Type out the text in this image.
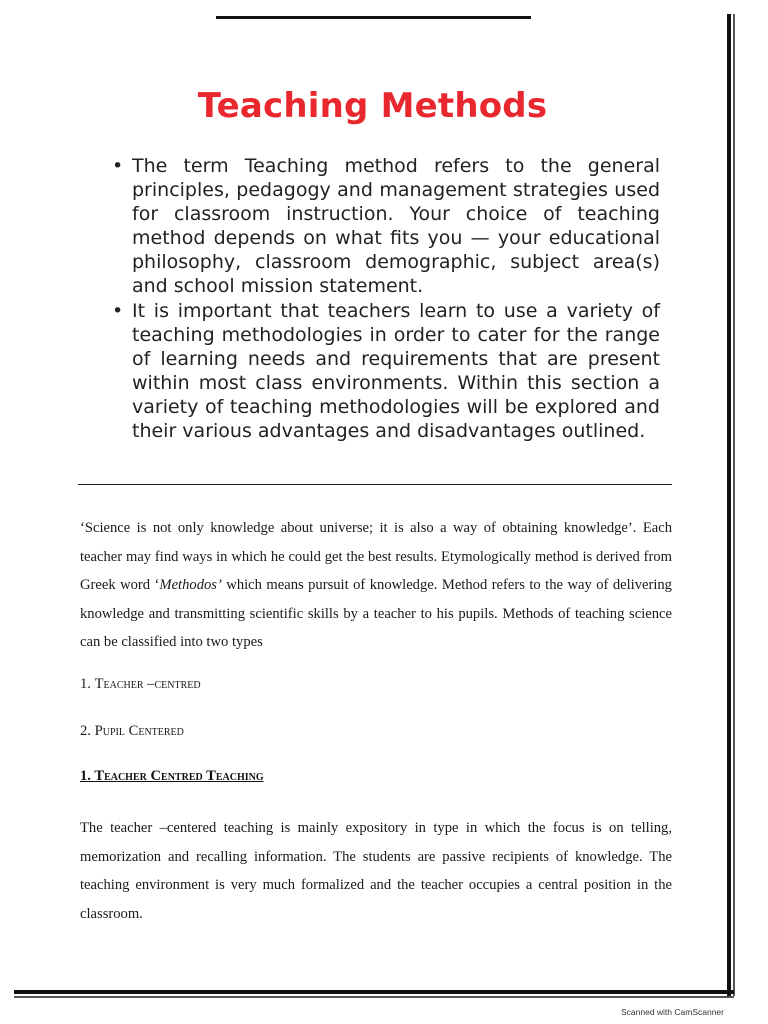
Teaching Methods
• The term Teaching method refers to the general principles, pedagogy and management strategies used for classroom instruction. Your choice of teaching method depends on what fits you — your educational philosophy, classroom demographic, subject area(s) and school mission statement.
• It is important that teachers learn to use a variety of teaching methodologies in order to cater for the range of learning needs and requirements that are present within most class environments. Within this section a variety of teaching methodologies will be explored and their various advantages and disadvantages outlined.

‘Science is not only knowledge about universe; it is also a way of obtaining knowledge’. Each teacher may find ways in which he could get the best results. Etymologically method is derived from Greek word ‘Methodos’ which means pursuit of knowledge. Method refers to the way of delivering knowledge and transmitting scientific skills by a teacher to his pupils. Methods of teaching science can be classified into two types

1. Teacher –centred

2. Pupil Centered

1. Teacher Centred Teaching

The teacher –centered teaching is mainly expository in type in which the focus is on telling, memorization and recalling information. The students are passive recipients of knowledge. The teaching environment is very much formalized and the teacher occupies a central position in the classroom.

Scanned with CamScanner
